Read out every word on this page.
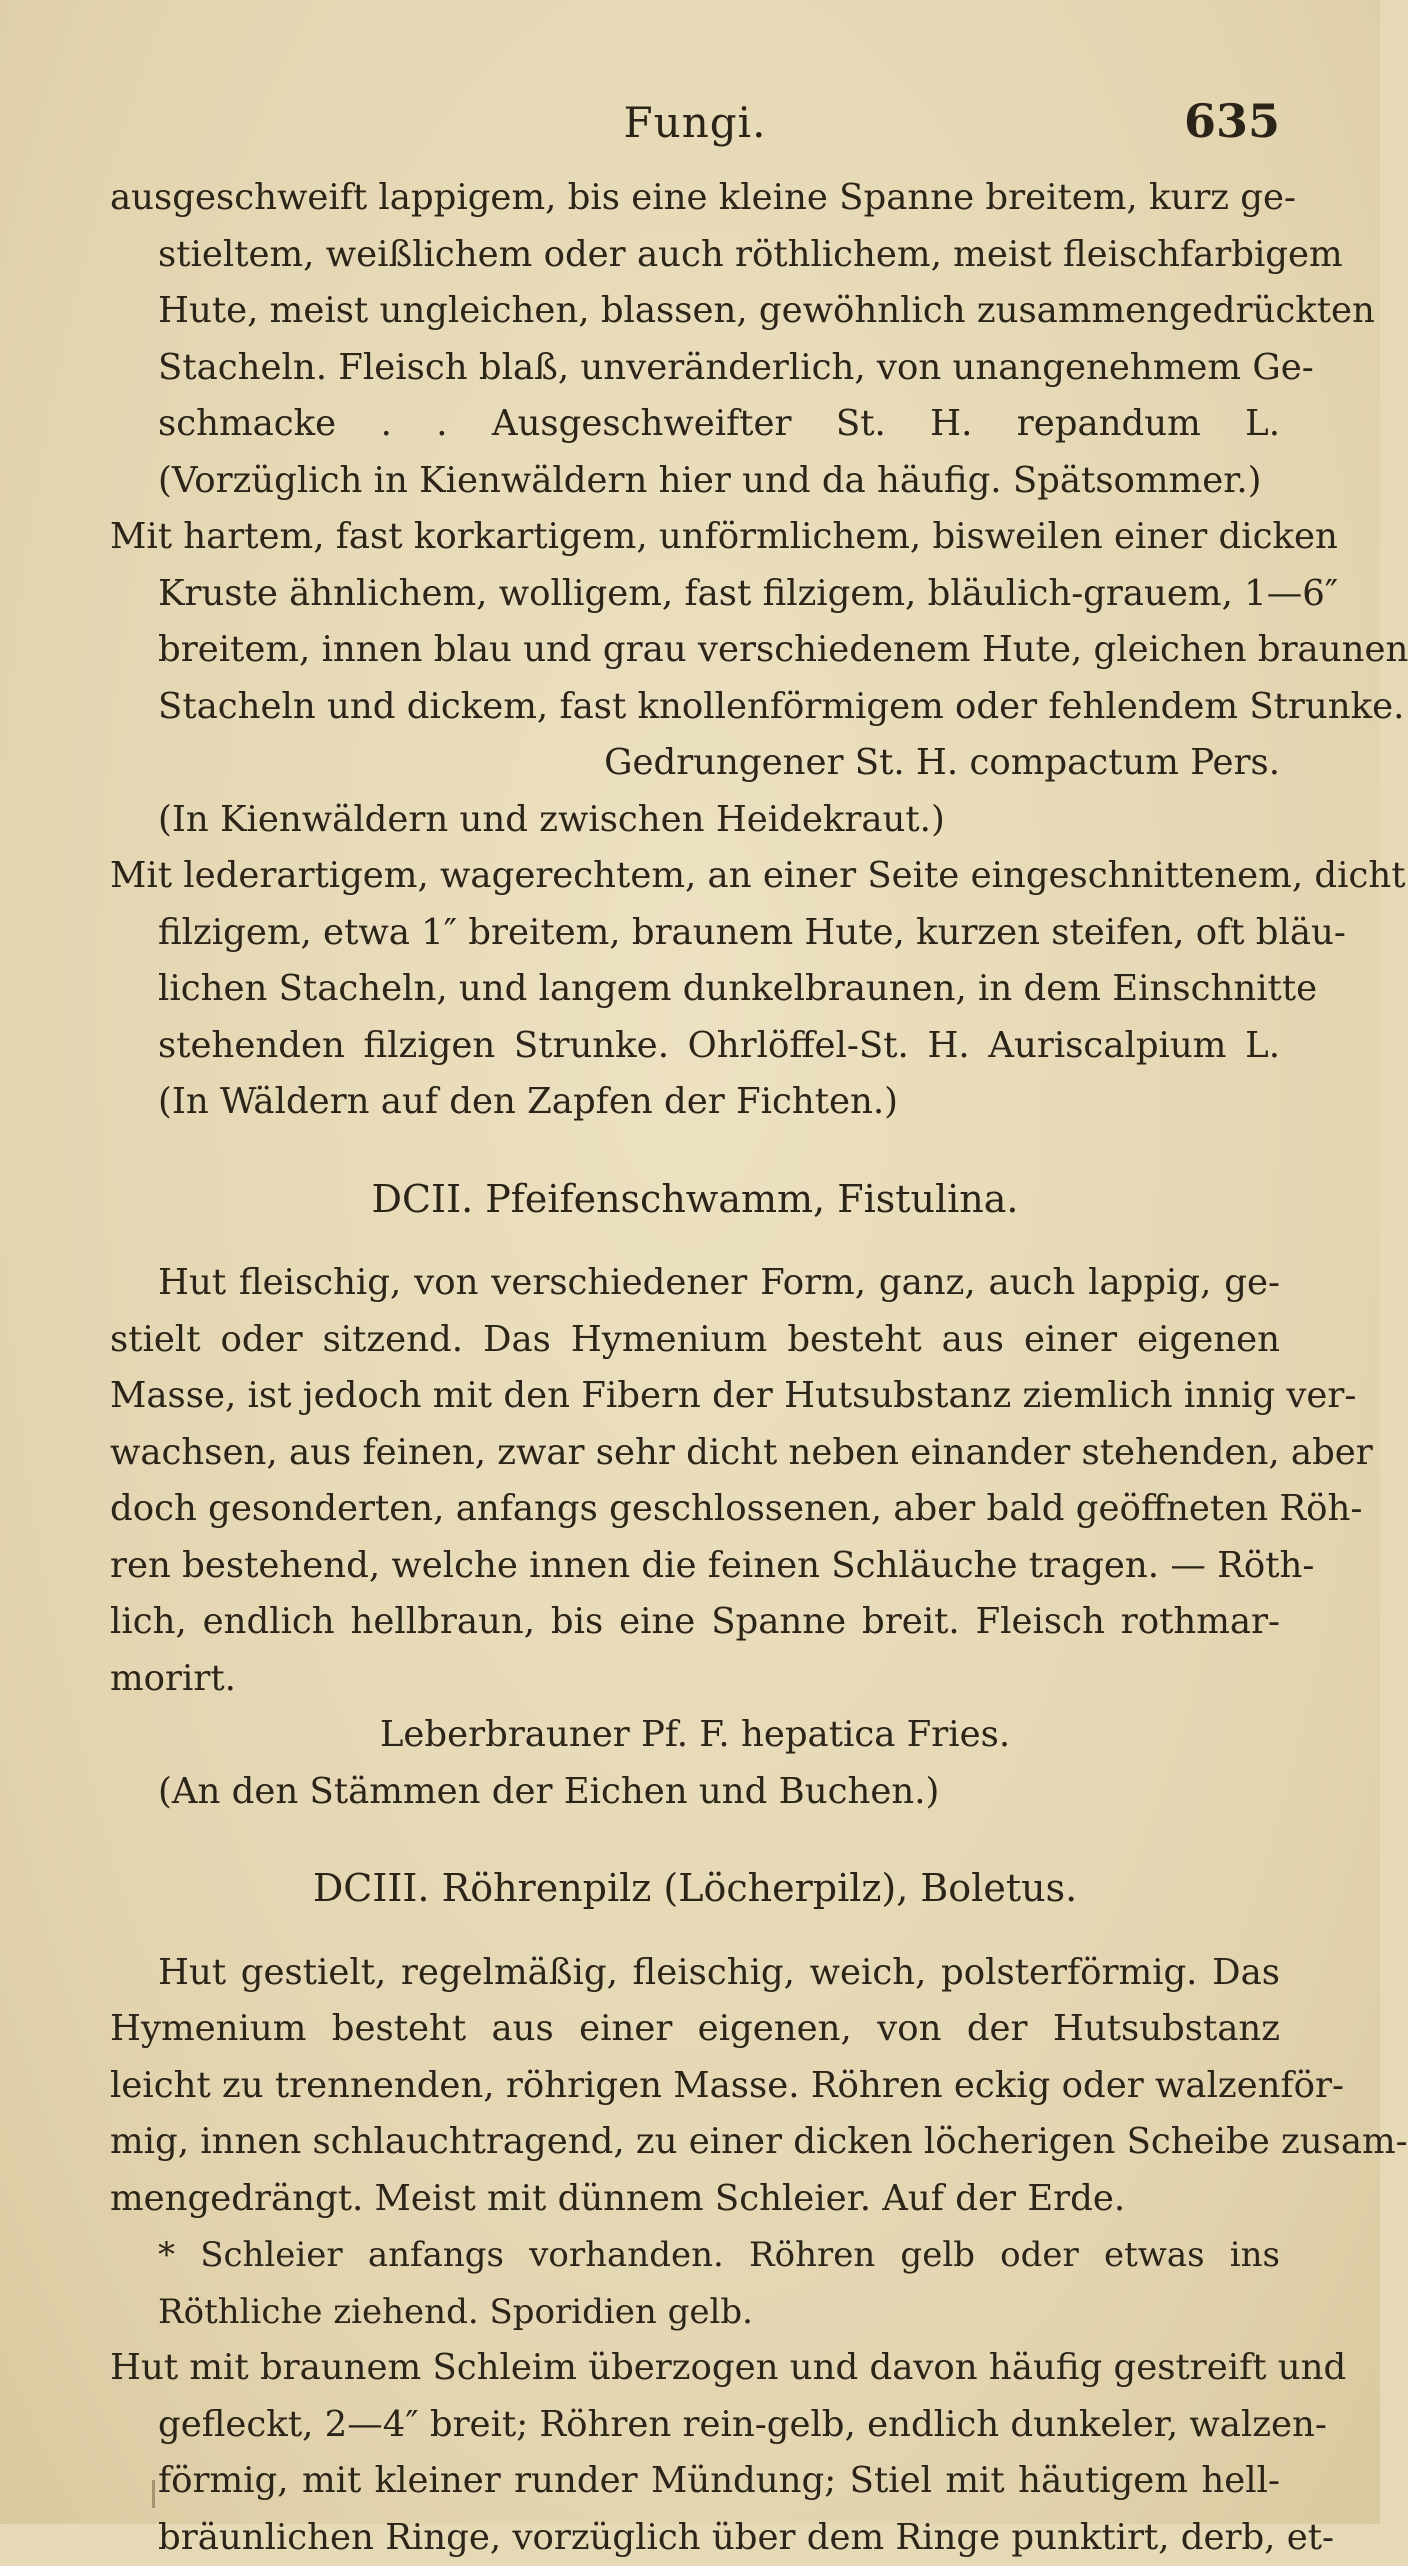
Fungi.	635
ausgeschweift lappigem, bis eine kleine Spanne breitem, kurz ge-
stieltem, weißlichem oder auch röthlichem, meist fleischfarbigem
Hute, meist ungleichen, blassen, gewöhnlich zusammengedrückten
Stacheln. Fleisch blaß, unveränderlich, von unangenehmem Ge-
schmacke . . Ausgeschweifter St. H. repandum L.
(Vorzüglich in Kienwäldern hier und da häufig. Spätsommer.)
Mit hartem, fast korkartigem, unförmlichem, bisweilen einer dicken
Kruste ähnlichem, wolligem, fast filzigem, bläulich-grauem, 1—6″
breitem, innen blau und grau verschiedenem Hute, gleichen braunen
Stacheln und dickem, fast knollenförmigem oder fehlendem Strunke.
Gedrungener St. H. compactum Pers.
(In Kienwäldern und zwischen Heidekraut.)
Mit lederartigem, wagerechtem, an einer Seite eingeschnittenem, dicht
filzigem, etwa 1″ breitem, braunem Hute, kurzen steifen, oft bläu-
lichen Stacheln, und langem dunkelbraunen, in dem Einschnitte
stehenden filzigen Strunke. Ohrlöffel-St. H. Auriscalpium L.
(In Wäldern auf den Zapfen der Fichten.)
DCII. Pfeifenschwamm, Fistulina.
Hut fleischig, von verschiedener Form, ganz, auch lappig, ge-
stielt oder sitzend. Das Hymenium besteht aus einer eigenen
Masse, ist jedoch mit den Fibern der Hutsubstanz ziemlich innig ver-
wachsen, aus feinen, zwar sehr dicht neben einander stehenden, aber
doch gesonderten, anfangs geschlossenen, aber bald geöffneten Röh-
ren bestehend, welche innen die feinen Schläuche tragen. — Röth-
lich, endlich hellbraun, bis eine Spanne breit. Fleisch rothmar-
morirt.
Leberbrauner Pf. F. hepatica Fries.
(An den Stämmen der Eichen und Buchen.)
DCIII. Röhrenpilz (Löcherpilz), Boletus.
Hut gestielt, regelmäßig, fleischig, weich, polsterförmig. Das
Hymenium besteht aus einer eigenen, von der Hutsubstanz
leicht zu trennenden, röhrigen Masse. Röhren eckig oder walzenför-
mig, innen schlauchtragend, zu einer dicken löcherigen Scheibe zusam-
mengedrängt. Meist mit dünnem Schleier. Auf der Erde.
* Schleier anfangs vorhanden. Röhren gelb oder etwas ins
Röthliche ziehend. Sporidien gelb.
Hut mit braunem Schleim überzogen und davon häufig gestreift und
gefleckt, 2—4″ breit; Röhren rein-gelb, endlich dunkeler, walzen-
förmig, mit kleiner runder Mündung; Stiel mit häutigem hell-
bräunlichen Ringe, vorzüglich über dem Ringe punktirt, derb, et-
